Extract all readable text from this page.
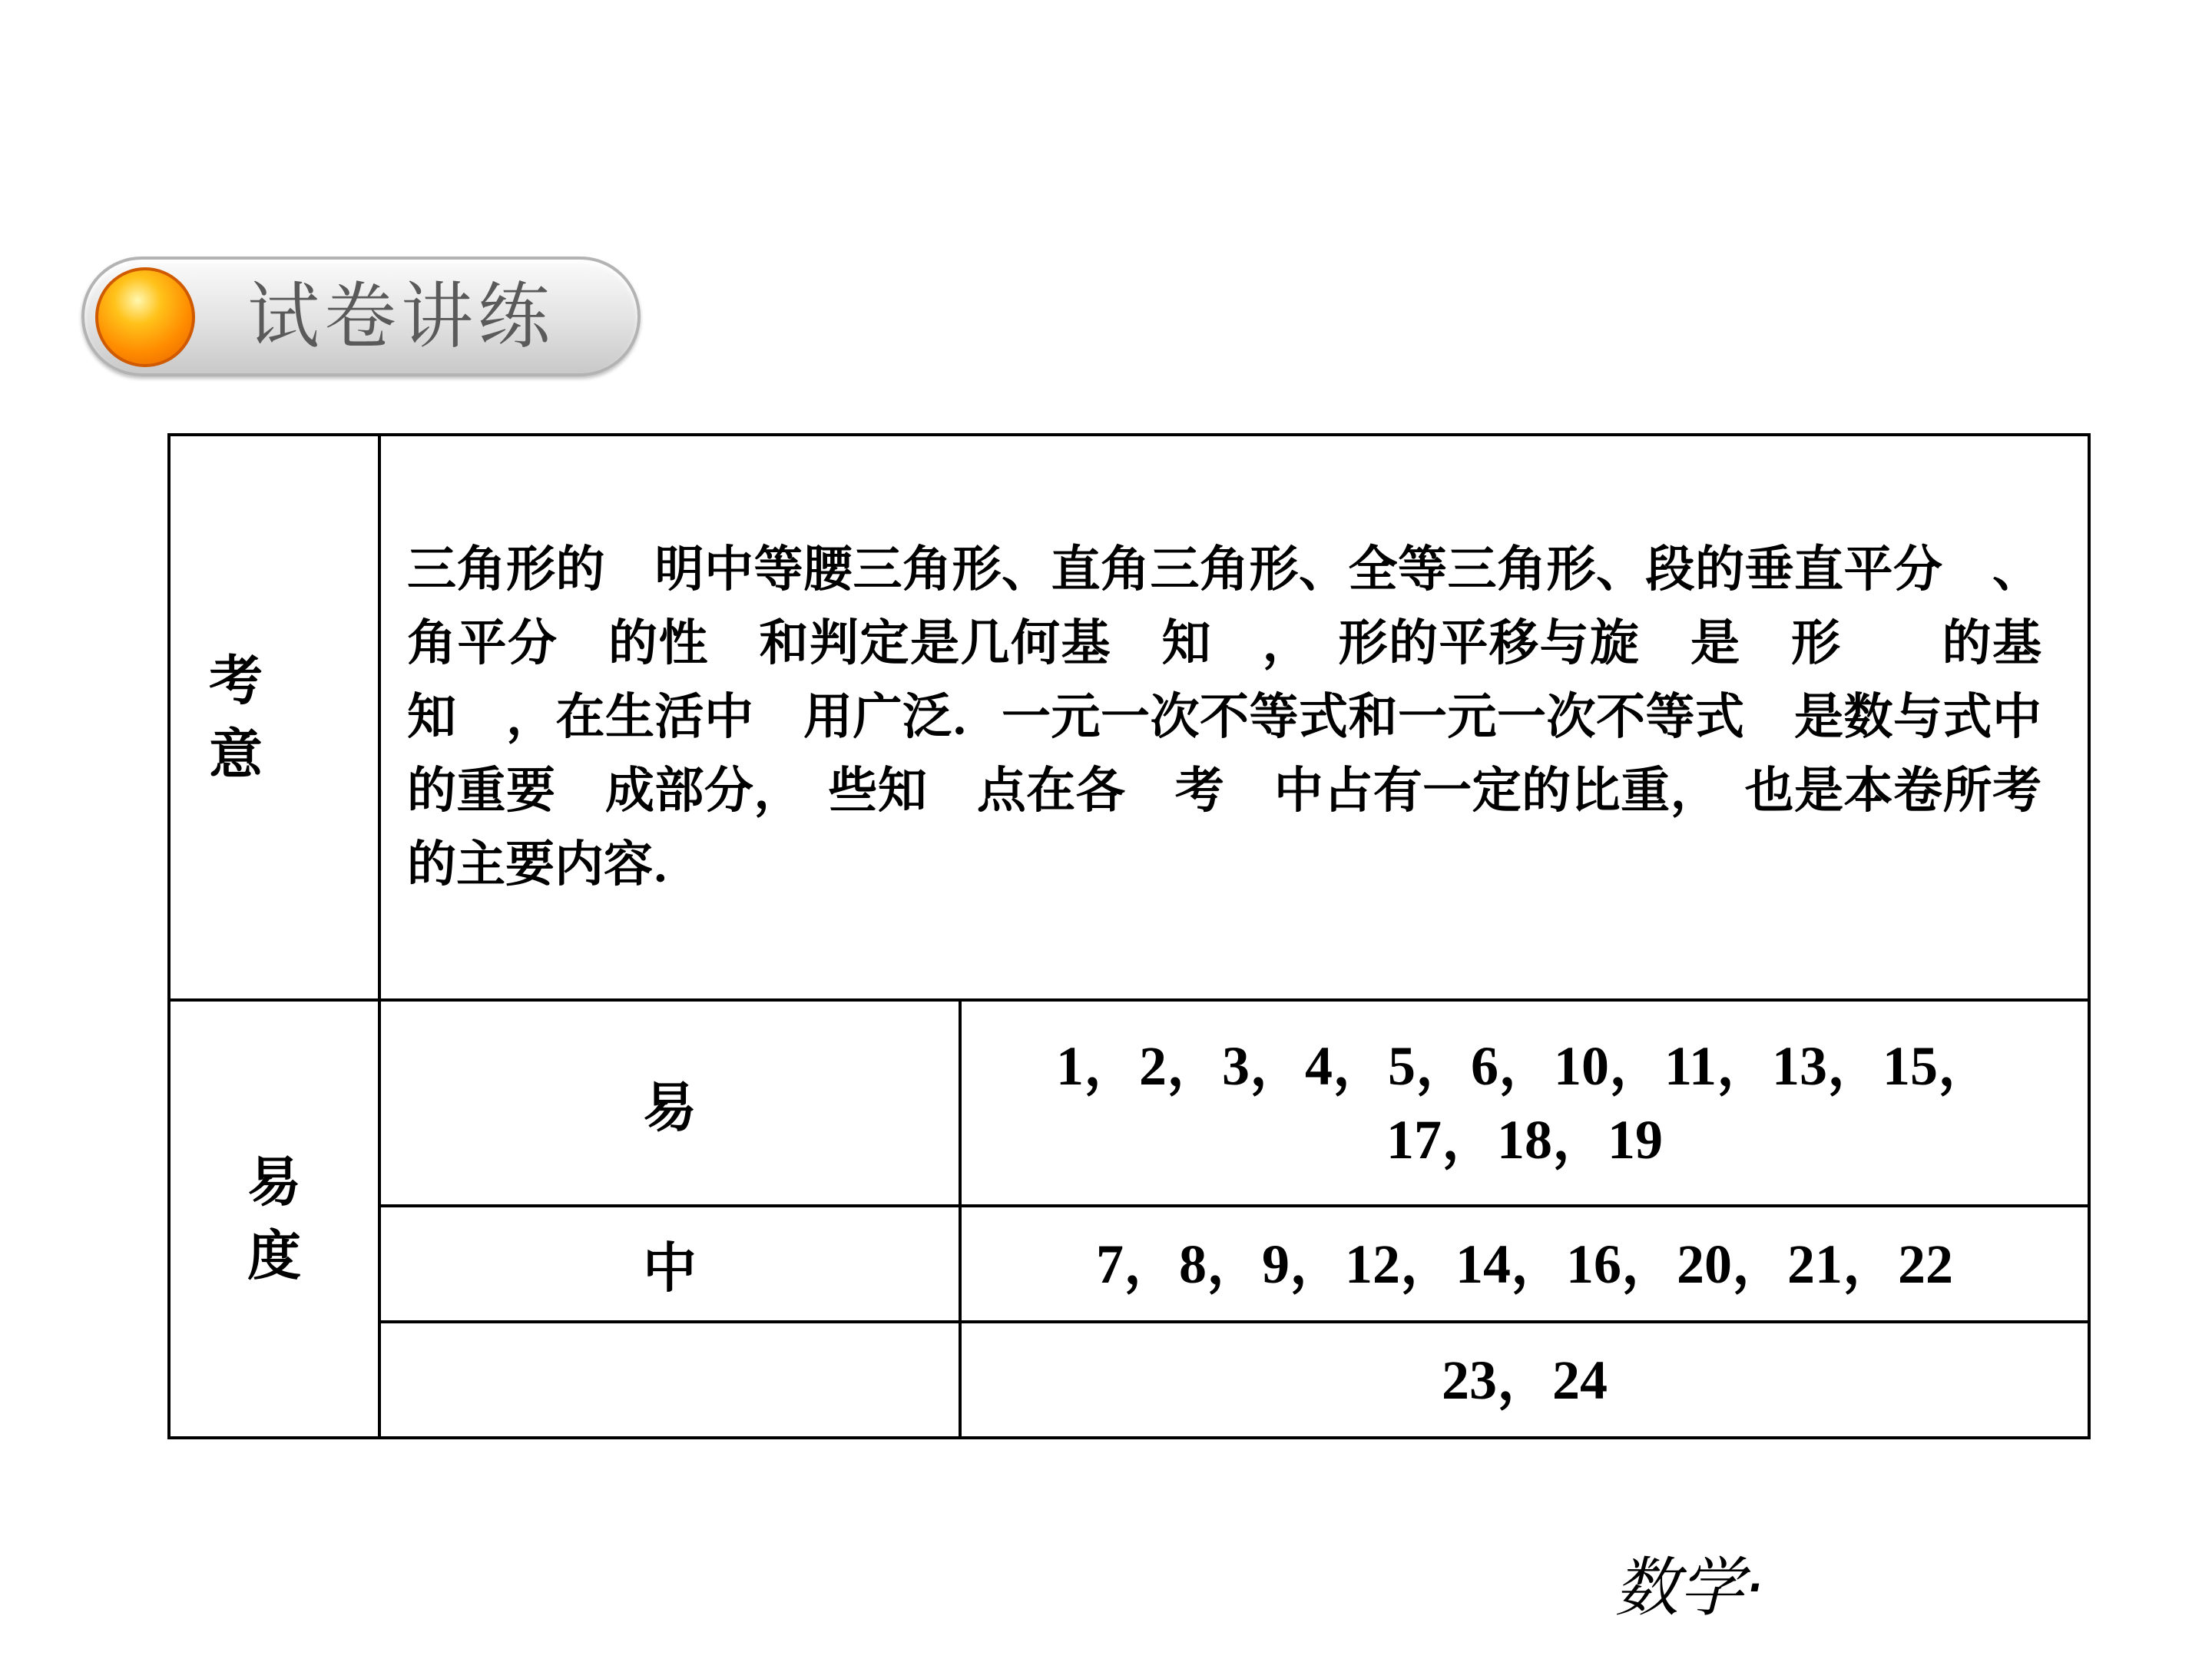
试卷讲练
考
意	三角形的　明中等腰三角形、直角三角形、全等三角形、段的垂直平分　、角平分　的性　和判定是几何基　知　，　形的平移与旋　是　形　　的基　知　，在生活中　用广泛．一元一次不等式和一元一次不等式　是数与式中的重要　成部分，　些知　点在各　考　中占有一定的比重，　也是本卷所考　的主要内容．	
易
度	易	1，2，3，4，5，6，10，11，13，15，17，18，19
	中	7，8，9，12，14，16，20，21，22
		23，24
数学·
